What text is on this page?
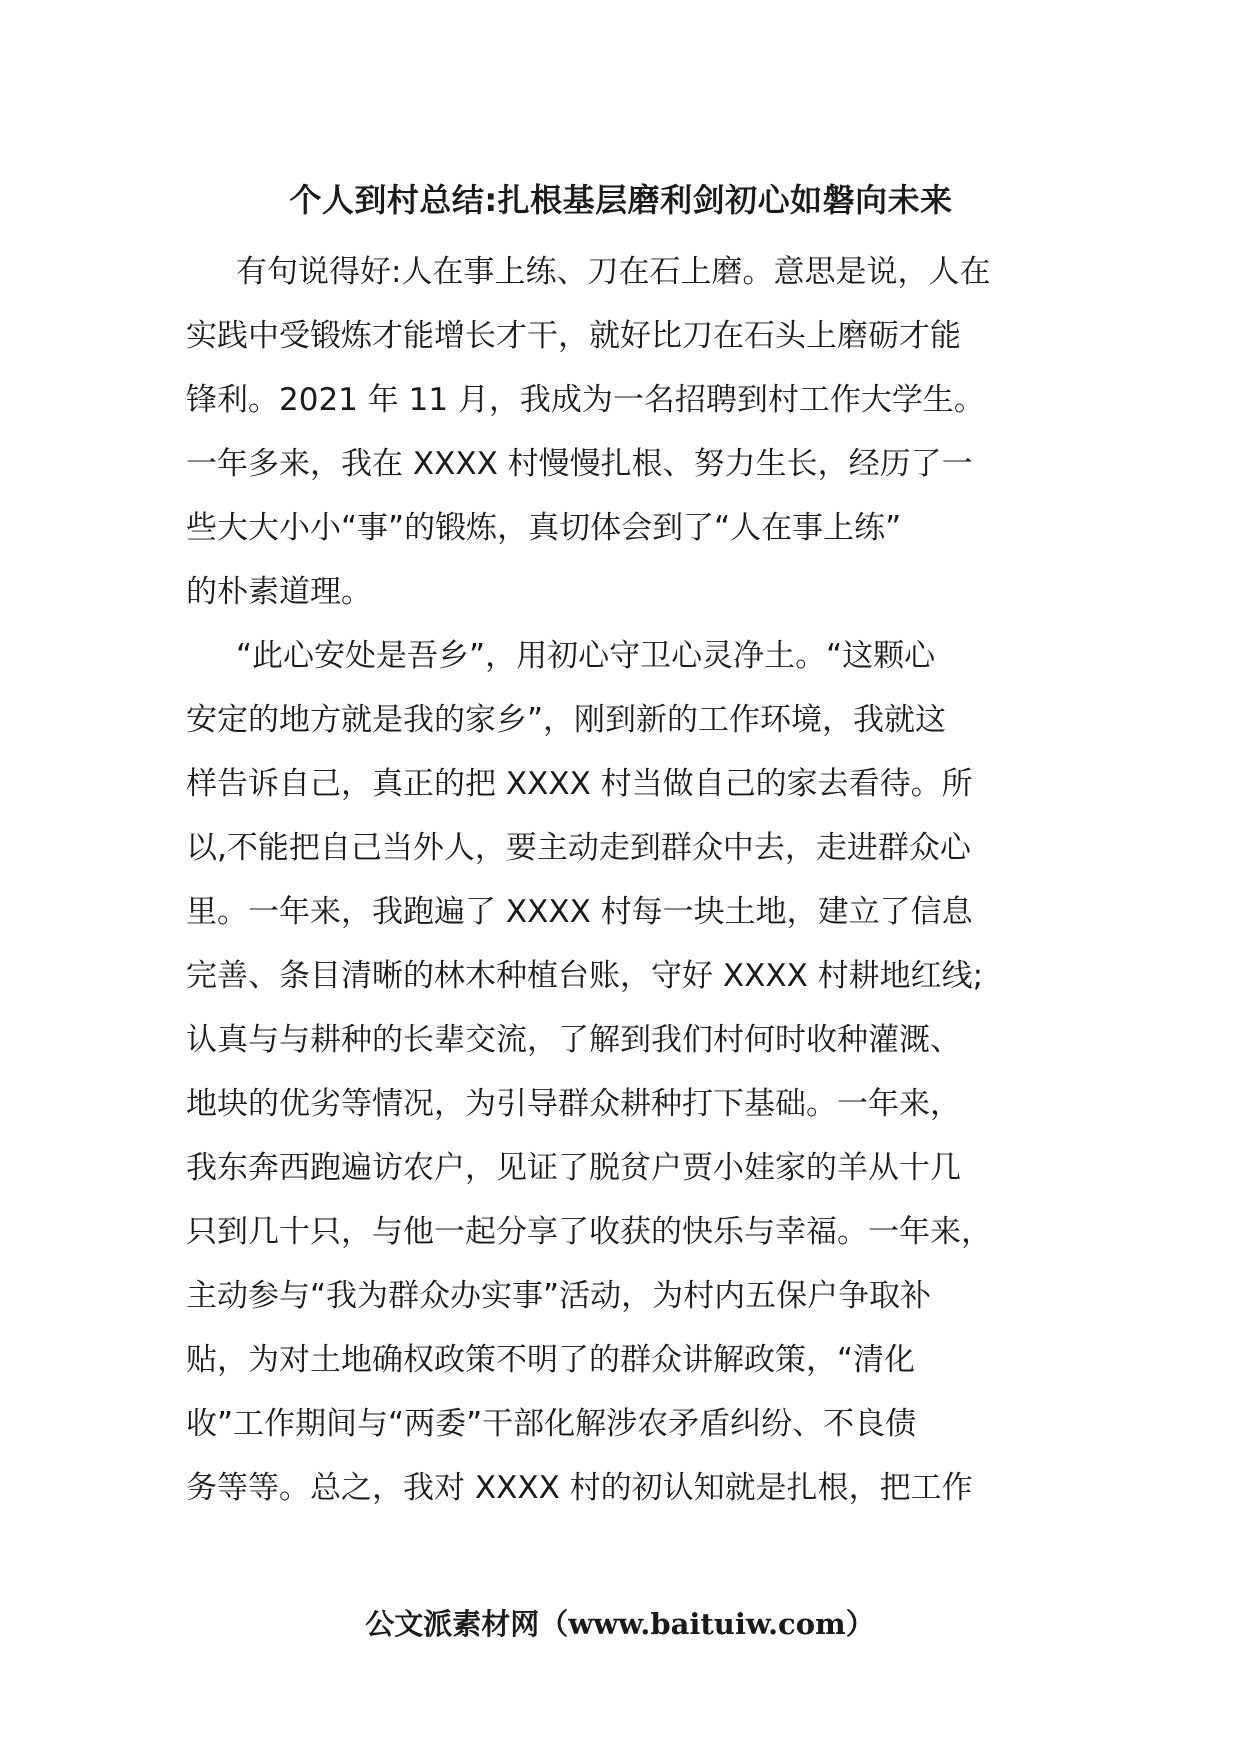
个人到村总结:扎根基层磨利剑初心如磐向未来
有句说得好:人在事上练、刀在石上磨。意思是说，人在
实践中受锻炼才能增长才干，就好比刀在石头上磨砺才能
锋利。2021 年 11 月，我成为一名招聘到村工作大学生。
一年多来，我在 XXXX 村慢慢扎根、努力生长，经历了一
些大大小小“事”的锻炼，真切体会到了“人在事上练”
的朴素道理。
“此心安处是吾乡”，用初心守卫心灵净土。“这颗心
安定的地方就是我的家乡”，刚到新的工作环境，我就这
样告诉自己，真正的把 XXXX 村当做自己的家去看待。所
以,不能把自己当外人，要主动走到群众中去，走进群众心
里。一年来，我跑遍了 XXXX 村每一块土地，建立了信息
完善、条目清晰的林木种植台账，守好 XXXX 村耕地红线;
认真与与耕种的长辈交流，了解到我们村何时收种灌溉、
地块的优劣等情况，为引导群众耕种打下基础。一年来，
我东奔西跑遍访农户，见证了脱贫户贾小娃家的羊从十几
只到几十只，与他一起分享了收获的快乐与幸福。一年来，
主动参与“我为群众办实事”活动，为村内五保户争取补
贴，为对土地确权政策不明了的群众讲解政策，“清化
收”工作期间与“两委”干部化解涉农矛盾纠纷、不良债
务等等。总之，我对 XXXX 村的初认知就是扎根，把工作
公文派素材网（www.baituiw.com）
